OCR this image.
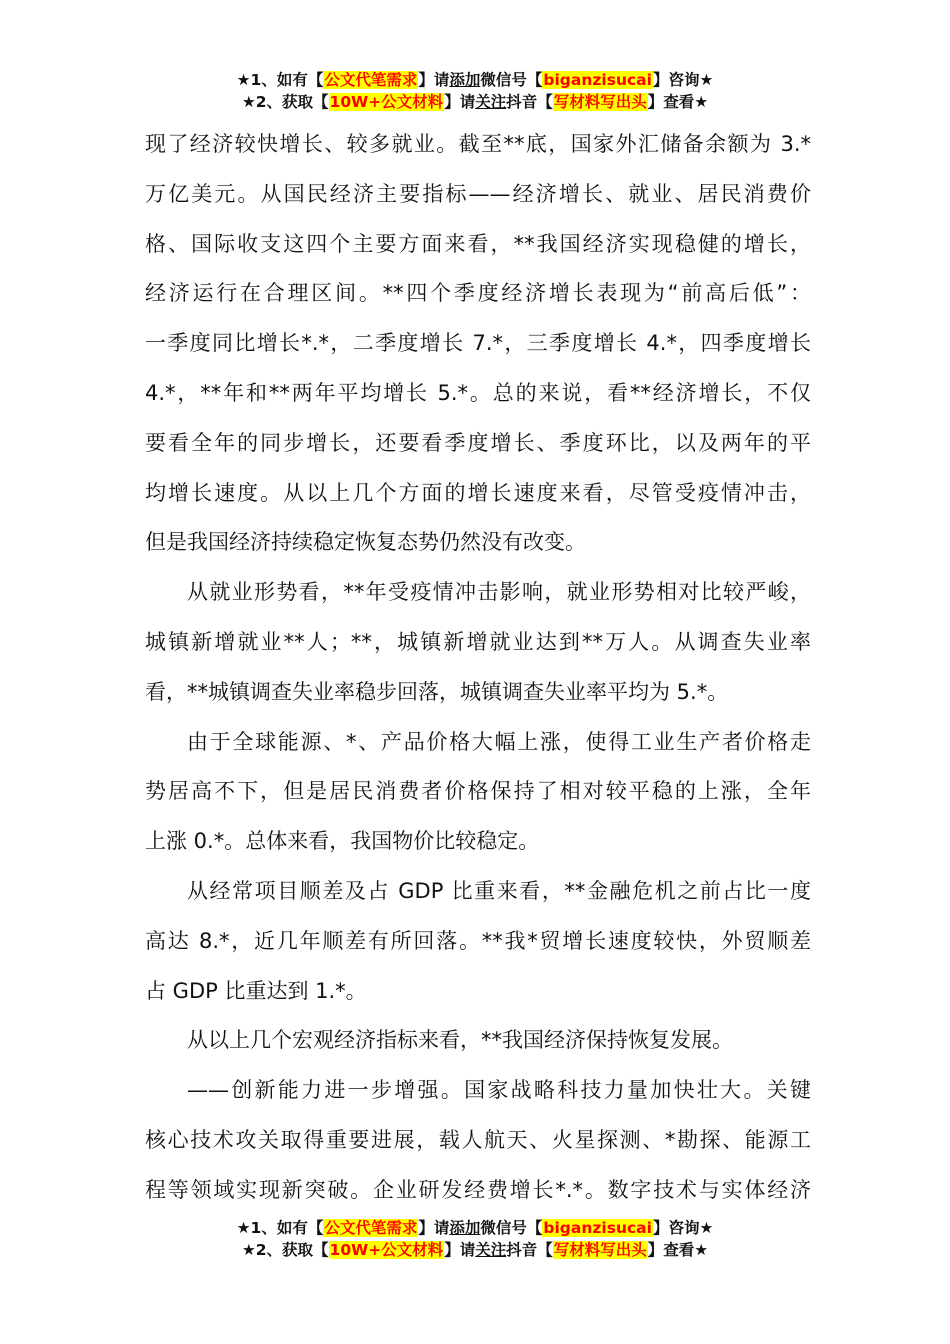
★1、如有【公文代笔需求】请添加微信号【biganzisucai】咨询★
★2、获取【10W+公文材料】请关注抖音【写材料写出头】查看★
现了经济较快增长、较多就业。截至**底，国家外汇储备余额为 3.*
万亿美元。从国民经济主要指标——经济增长、就业、居民消费价
格、国际收支这四个主要方面来看，**我国经济实现稳健的增长，
经济运行在合理区间。**四个季度经济增长表现为“前高后低”：
一季度同比增长*.*，二季度增长 7.*，三季度增长 4.*，四季度增长
4.*，**年和**两年平均增长 5.*。总的来说，看**经济增长，不仅
要看全年的同步增长，还要看季度增长、季度环比，以及两年的平
均增长速度。从以上几个方面的增长速度来看，尽管受疫情冲击，
但是我国经济持续稳定恢复态势仍然没有改变。
从就业形势看，**年受疫情冲击影响，就业形势相对比较严峻，
城镇新增就业**人；**，城镇新增就业达到**万人。从调查失业率
看，**城镇调查失业率稳步回落，城镇调查失业率平均为 5.*。
由于全球能源、*、产品价格大幅上涨，使得工业生产者价格走
势居高不下，但是居民消费者价格保持了相对较平稳的上涨，全年
上涨 0.*。总体来看，我国物价比较稳定。
从经常项目顺差及占 GDP 比重来看，**金融危机之前占比一度
高达 8.*，近几年顺差有所回落。**我*贸增长速度较快，外贸顺差
占 GDP 比重达到 1.*。
从以上几个宏观经济指标来看，**我国经济保持恢复发展。
——创新能力进一步增强。国家战略科技力量加快壮大。关键
核心技术攻关取得重要进展，载人航天、火星探测、*勘探、能源工
程等领域实现新突破。企业研发经费增长*.*。数字技术与实体经济
★1、如有【公文代笔需求】请添加微信号【biganzisucai】咨询★
★2、获取【10W+公文材料】请关注抖音【写材料写出头】查看★
